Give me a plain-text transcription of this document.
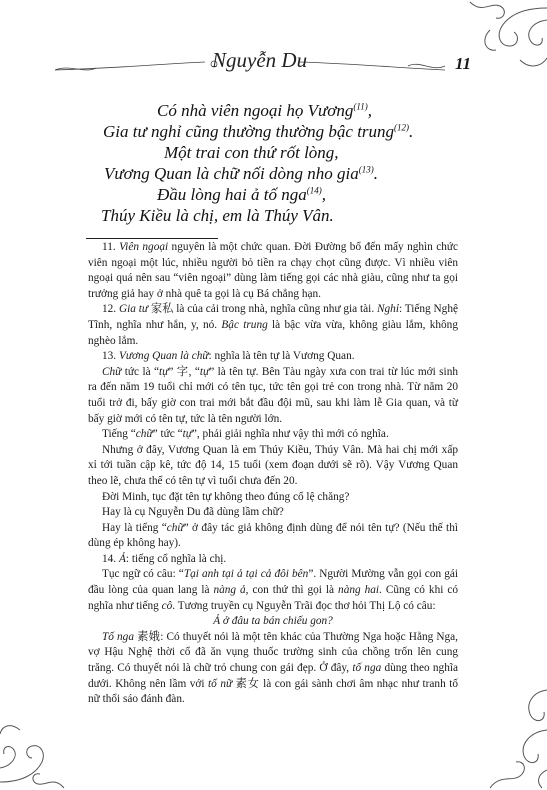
Nguyễn Du	11
Có nhà viên ngoại họ Vương$^{(11)}$,
Gia tư nghỉ cũng thường thường bậc trung$^{(12)}$.
Một trai con thứ rốt lòng,
Vương Quan là chữ nối dòng nho gia$^{(13)}$.
Đầu lòng hai ả tố nga$^{(14)}$,
Thúy Kiều là chị, em là Thúy Vân.

11. Viên ngoại nguyên là một chức quan. Đời Đường bổ đến mấy nghìn chức viên ngoại một lúc, nhiều người bỏ tiền ra chạy chọt cũng được. Vì nhiều viên ngoại quá nên sau “viên ngoại” dùng làm tiếng gọi các nhà giàu, cũng như ta gọi trưởng giả hay ở nhà quê ta gọi là cụ Bá chẳng hạn.

12. Gia tư 家私 là của cải trong nhà, nghĩa cũng như gia tài. Nghỉ: Tiếng Nghệ Tĩnh, nghĩa như hắn, y, nó. Bậc trung là bậc vừa vừa, không giàu lắm, không nghèo lắm.

13. Vương Quan là chữ: nghĩa là tên tự là Vương Quan.

Chữ tức là “tự” 字, “tự” là tên tự. Bên Tàu ngày xưa con trai từ lúc mới sinh ra đến năm 19 tuổi chỉ mới có tên tục, tức tên gọi trẻ con trong nhà. Từ năm 20 tuổi trở đi, bấy giờ con trai mới bắt đầu đội mũ, sau khi làm lễ Gia quan, và từ bấy giờ mới có tên tự, tức là tên người lớn.

Tiếng “chữ” tức “tự”, phải giải nghĩa như vậy thì mới có nghĩa.

Nhưng ở đây, Vương Quan là em Thúy Kiều, Thúy Vân. Mà hai chị mới xấp xỉ tới tuần cập kê, tức độ 14, 15 tuổi (xem đoạn dưới sẽ rõ). Vậy Vương Quan theo lẽ, chưa thể có tên tự vì tuổi chưa đến 20.

Đời Minh, tục đặt tên tự không theo đúng cổ lệ chăng?

Hay là cụ Nguyễn Du đã dùng lầm chữ?

Hay là tiếng “chữ” ở đây tác giả không định dùng để nói tên tự? (Nếu thế thì dùng ép không hay).

14. Ả: tiếng cổ nghĩa là chị.

Tục ngữ có câu: “Tại anh tại ả tại cả đôi bên”. Người Mường vẫn gọi con gái đầu lòng của quan lang là nàng ả, con thứ thì gọi là nàng hai. Cũng có khi có nghĩa như tiếng cô. Tương truyền cụ Nguyễn Trãi đọc thơ hỏi Thị Lộ có câu:

Ả ở đâu ta bán chiếu gon?

Tố nga 素娥: Có thuyết nói là một tên khác của Thường Nga hoặc Hằng Nga, vợ Hậu Nghệ thời cổ đã ăn vụng thuốc trường sinh của chồng trốn lên cung trăng. Có thuyết nói là chữ trỏ chung con gái đẹp. Ở đây, tố nga dùng theo nghĩa dưới. Không nên lầm với tố nữ 素女 là con gái sành chơi âm nhạc như tranh tố nữ thổi sáo đánh đàn.
